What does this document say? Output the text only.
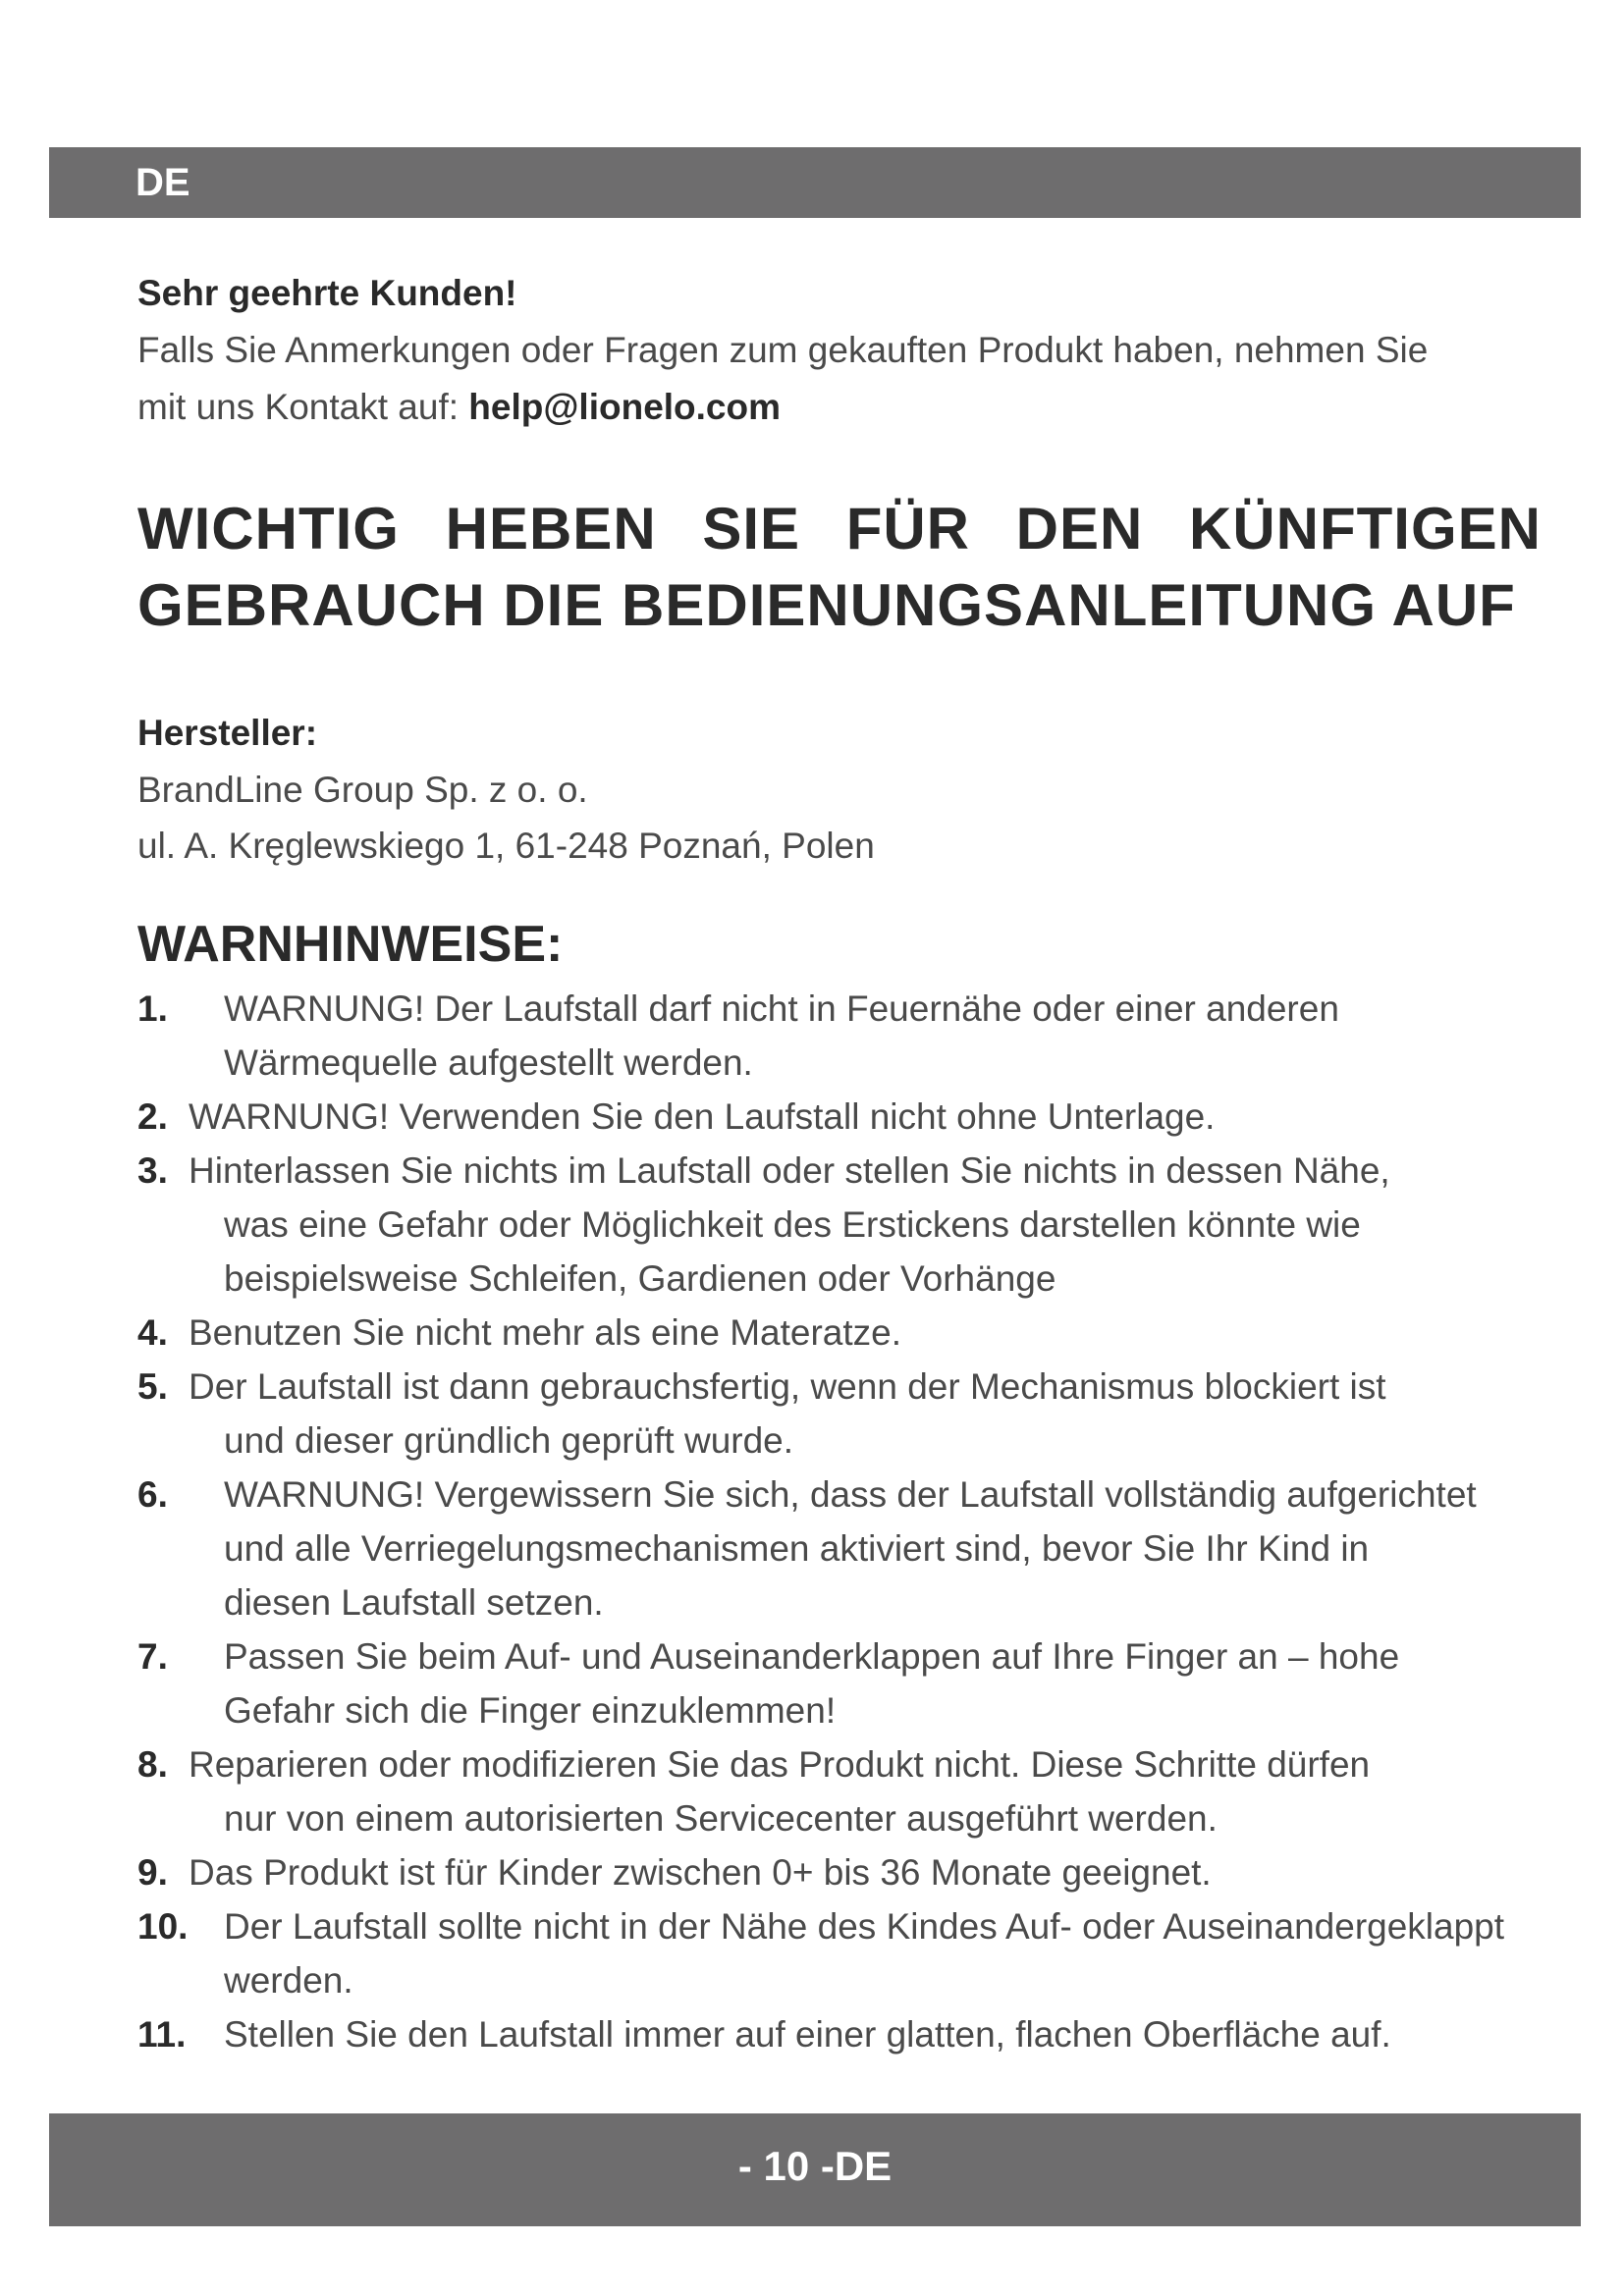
DE

Sehr geehrte Kunden!

Falls Sie Anmerkungen oder Fragen zum gekauften Produkt haben, nehmen Sie

mit uns Kontakt auf: help@lionelo.com

WICHTIG HEBEN SIE FÜR DEN KÜNFTIGEN
GEBRAUCH DIE BEDIENUNGSANLEITUNG AUF
Hersteller:
BrandLine Group Sp. z o. o.
ul. A. Kręglewskiego 1, 61-248 Poznań, Polen
WARNHINWEISE:
1.	WARNUNG! Der Laufstall darf nicht in Feuernähe oder einer anderen
Wärmequelle aufgestellt werden.
2. WARNUNG! Verwenden Sie den Laufstall nicht ohne Unterlage.
3. Hinterlassen Sie nichts im Laufstall oder stellen Sie nichts in dessen Nähe,
was eine Gefahr oder Möglichkeit des Erstickens darstellen könnte wie
beispielsweise Schleifen, Gardienen oder Vorhänge
4. Benutzen Sie nicht mehr als eine Materatze.
5. Der Laufstall ist dann gebrauchsfertig, wenn der Mechanismus blockiert ist
und dieser gründlich geprüft wurde.
6.	WARNUNG! Vergewissern Sie sich, dass der Laufstall vollständig aufgerichtet
und alle Verriegelungsmechanismen aktiviert sind, bevor Sie Ihr Kind in
diesen Laufstall setzen.
7.	Passen Sie beim Auf- und Auseinanderklappen auf Ihre Finger an – hohe
Gefahr sich die Finger einzuklemmen!
8. Reparieren oder modifizieren Sie das Produkt nicht. Diese Schritte dürfen
nur von einem autorisierten Servicecenter ausgeführt werden.
9. Das Produkt ist für Kinder zwischen 0+ bis 36 Monate geeignet.
10. Der Laufstall sollte nicht in der Nähe des Kindes Auf- oder Auseinandergeklappt
werden.
11.	Stellen Sie den Laufstall immer auf einer glatten, flachen Oberfläche auf.
- 10 -DE
